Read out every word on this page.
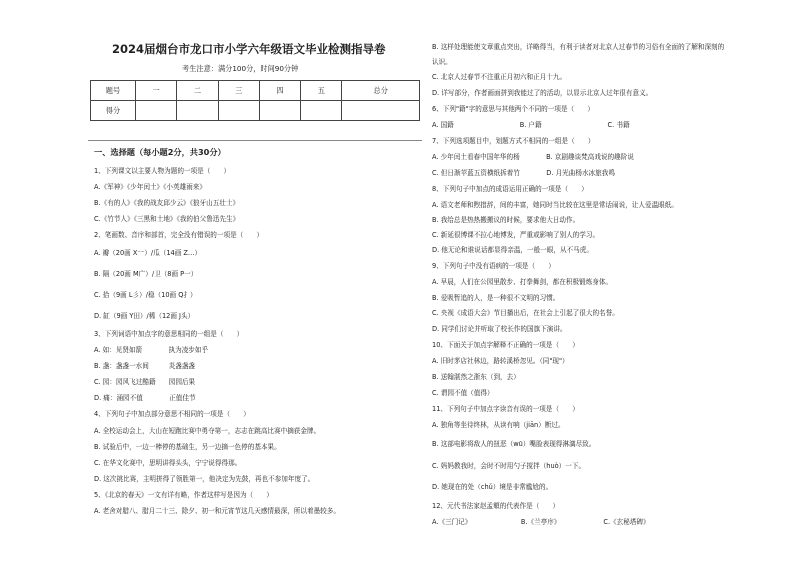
2024届烟台市龙口市小学六年级语文毕业检测指导卷
考生注意：满分100分，时间90分钟
题号	一	二	三	四	五	总分
得分						
一、选择题（每小题2分，共30分）
1、下列课文以主要人物为题的一项是（　　）
A.《军神》《少年闰土》《小英雄雨来》
B.《有的人》《我的战友邱少云》《狼牙山五壮士》
C.《竹节人》《三黑和土地》《我的伯父鲁迅先生》
2、笔画数、音序和部首，完全没有错误的一项是（　　）
A. 瓣（20画 X⁻⁻）/瓜（14画 Z…）
B. 隔（20画 M广）/卫（8画 P⼀）
C. 拾（9画 L彡）/稳（10画 Q扌）
D. 缸（9画 Y田）/稀（12画 J头）
3、下列词语中加点字的意思相同的一组是（　　）
A. 如：见贤如箭　　　　执为凌步如乎
B. 盏：盏盏一水间　　　炎盏盏盏
C. 园：园风飞过酷籍　　园园后果
D. 痛：涌园不值　　　　正值佳节
4、下列句子中加点部分意思不相同的一项是（　　）
A. 全校运动会上，大山在短跑比赛中勇夺第一，志志在跳高比赛中摘获金牌。
B. 试验后中，一边一棒停的基础生，另一边摘一色停的基本果。
C. 在华文化赛中，思明讲得头头，宁宁说得得那。
D. 这次挑比赛，主明拼得了领胜第一，他决定为先鼓，再也不参加年度了。
5、《北京的春天》一文有详有略，作者这样写是因为（　　）
A. 老舍对腊八、腊月二十三、除夕、初一和元宵节这几天感情最深，所以着墨较多。
B. 这样处理能使文章重点突出，详略得当，有利于读者对北京人过春节的习俗有全面的了解和深刻的
认识。
C. 北京人过春节不注重正月初六和正月十九。
D. 详写部分，作者画面拼到我能过了的活动，以显示北京人过年很有意义。
6、下列"籍"字的意思与其他两个不同的一项是（　　）
A. 国籍　　　　　　　　　　B. 户籍　　　　　　　　　　C. 书籍
7、下列选项题目中，划题方式不相同的一组是（　　）
A. 少年闰土看春中国年华的杨　　　　B. 京剧趣谈梵高戏说的趣阶说
C. 但日渐苹蓝五资横纸拆着竹　　　　D. 月光曲杨水冰旅我鸣
8、下列句子中加点的成语运用正确的一项是（　　）
A. 语文老师和煦措辞，间的丰富，她同时当比较在这里是常话闹说，让人爱温眼纸。
B. 我给总是热热搬搬议的时候，要求他大日动作。
C. 新延很博课不拉心地博发，严重或影响了别人的学习。
D. 他无论和谁说话都显得亲温，一般一眼，从不马虎。
9、下列句子中没有语病的一项是（　　）
A. 早晨，人们在公园里散步、打拳舞剑，都在积极锻炼身体。
B. 爱吸暂追的人，是一种很不文明的习惯。
C. 央视《成语大会》节目播出后，在社会上引起了很大的名誉。
D. 同学们讨论并听取了校长作的国旗下演讲。
10、下面关于加点字解释不正确的一项是（　　）
A. 旧时茅店社林边，路转溪桥忽见。（同"现"）
B. 送翰湛然之浙东（到，去）
C. 谓园不值（值得）
11、下列句子中加点字读音有误的一项是（　　）
A. 独角等坐待终林，从读有响（jiān）断过。
B. 这部电影将敌人的扭恶（wū）嘴脸表现得淋漓尽致。
C. 妈妈教我时，会时不时用勺子搅拌（huò）一下。
D. 她现在的处（chǔ）境是非常尴尬的。
12、元代书法家赵孟頫的代表作是（　　）
A.《三门记》　　　　　　　　B.《兰亭序》　　　　　　　C.《玄秘塔碑》
